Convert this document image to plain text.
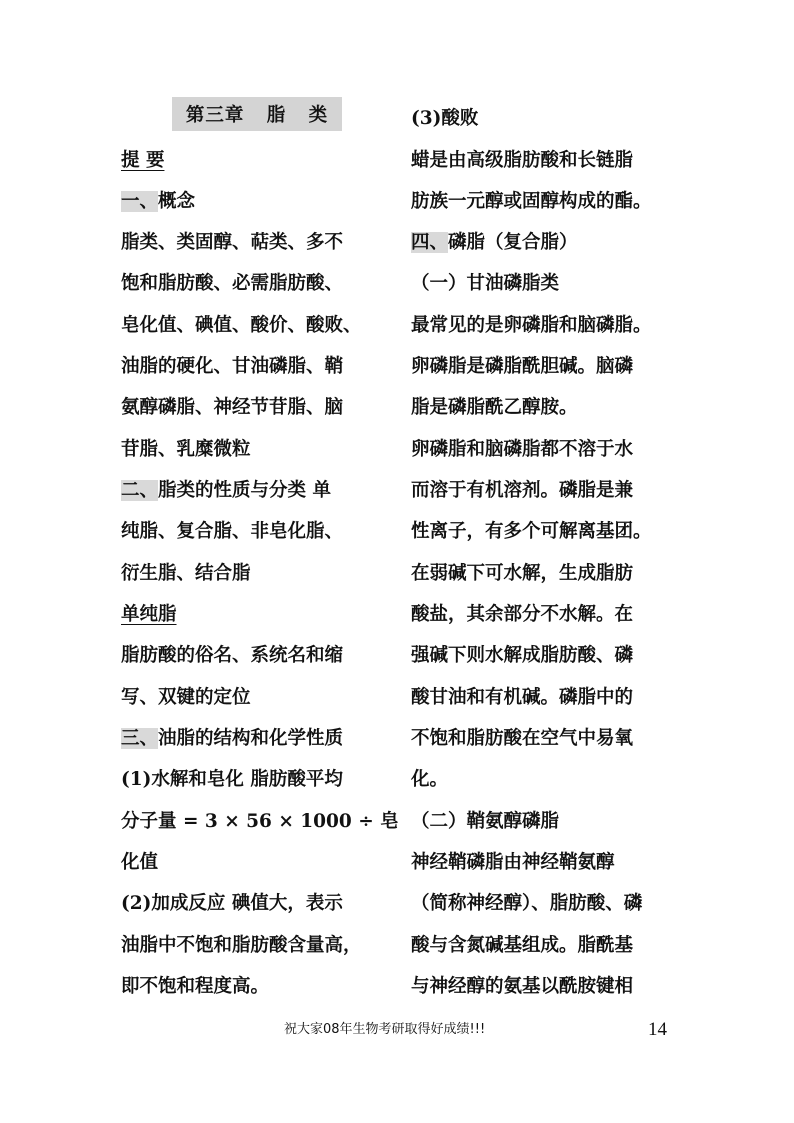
第三章   脂   类
提 要
一、概念
脂类、类固醇、萜类、多不
饱和脂肪酸、必需脂肪酸、
皂化值、碘值、酸价、酸败、
油脂的硬化、甘油磷脂、鞘
氨醇磷脂、神经节苷脂、脑
苷脂、乳糜微粒
二、脂类的性质与分类 单
纯脂、复合脂、非皂化脂、
衍生脂、结合脂
单纯脂
脂肪酸的俗名、系统名和缩
写、双键的定位
三、油脂的结构和化学性质
(1)水解和皂化 脂肪酸平均
分子量 = 3 × 56 × 1000 ÷ 皂
化值
(2)加成反应 碘值大，表示
油脂中不饱和脂肪酸含量高，
即不饱和程度高。
(3)酸败
蜡是由高级脂肪酸和长链脂
肪族一元醇或固醇构成的酯。
四、磷脂（复合脂）
（一）甘油磷脂类
最常见的是卵磷脂和脑磷脂。
卵磷脂是磷脂酰胆碱。脑磷
脂是磷脂酰乙醇胺。
卵磷脂和脑磷脂都不溶于水
而溶于有机溶剂。磷脂是兼
性离子，有多个可解离基团。
在弱碱下可水解，生成脂肪
酸盐，其余部分不水解。在
强碱下则水解成脂肪酸、磷
酸甘油和有机碱。磷脂中的
不饱和脂肪酸在空气中易氧
化。
（二）鞘氨醇磷脂
神经鞘磷脂由神经鞘氨醇
（简称神经醇）、脂肪酸、磷
酸与含氮碱基组成。脂酰基
与神经醇的氨基以酰胺键相
祝大家08年生物考研取得好成绩!!!	14
